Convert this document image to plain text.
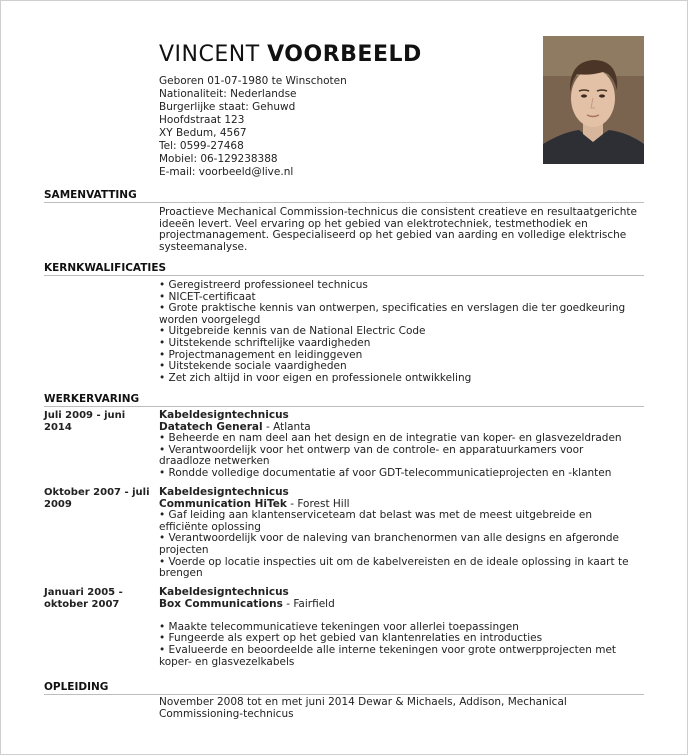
VINCENT VOORBEELD
Geboren 01-07-1980 te Winschoten
Nationaliteit: Nederlandse
Burgerlijke staat: Gehuwd
Hoofdstraat 123
XY Bedum, 4567
Tel: 0599-27468
Mobiel: 06-129238388
E-mail: voorbeeld@live.nl
SAMENVATTING
Proactieve Mechanical Commission-technicus die consistent creatieve en resultaatgerichte ideeën levert. Veel ervaring op het gebied van elektrotechniek, testmethodiek en projectmanagement. Gespecialiseerd op het gebied van aarding en volledige elektrische systeemanalyse.
KERNKWALIFICATIES
• Geregistreerd professioneel technicus
• NICET-certificaat
• Grote praktische kennis van ontwerpen, specificaties en verslagen die ter goedkeuring worden voorgelegd
• Uitgebreide kennis van de National Electric Code
• Uitstekende schriftelijke vaardigheden
• Projectmanagement en leidinggeven
• Uitstekende sociale vaardigheden
• Zet zich altijd in voor eigen en professionele ontwikkeling
WERKERVARING
Juli 2009 - juni 2014
Kabeldesigntechnicus
Datatech General - Atlanta
• Beheerde en nam deel aan het design en de integratie van koper- en glasvezeldraden
• Verantwoordelijk voor het ontwerp van de controle- en apparatuurkamers voor draadloze netwerken
• Rondde volledige documentatie af voor GDT-telecommunicatieprojecten en -klanten
Oktober 2007 - juli 2009
Kabeldesigntechnicus
Communication HiTek - Forest Hill
• Gaf leiding aan klantenserviceteam dat belast was met de meest uitgebreide en efficiënte oplossing
• Verantwoordelijk voor de naleving van branchenormen van alle designs en afgeronde projecten
• Voerde op locatie inspecties uit om de kabelvereisten en de ideale oplossing in kaart te brengen
Januari 2005 - oktober 2007
Kabeldesigntechnicus
Box Communications - Fairfield
• Maakte telecommunicatieve tekeningen voor allerlei toepassingen
• Fungeerde als expert op het gebied van klantenrelaties en introducties
• Evalueerde en beoordeelde alle interne tekeningen voor grote ontwerpprojecten met koper- en glasvezelkabels
OPLEIDING
November 2008 tot en met juni 2014 Dewar & Michaels, Addison, Mechanical Commissioning-technicus
